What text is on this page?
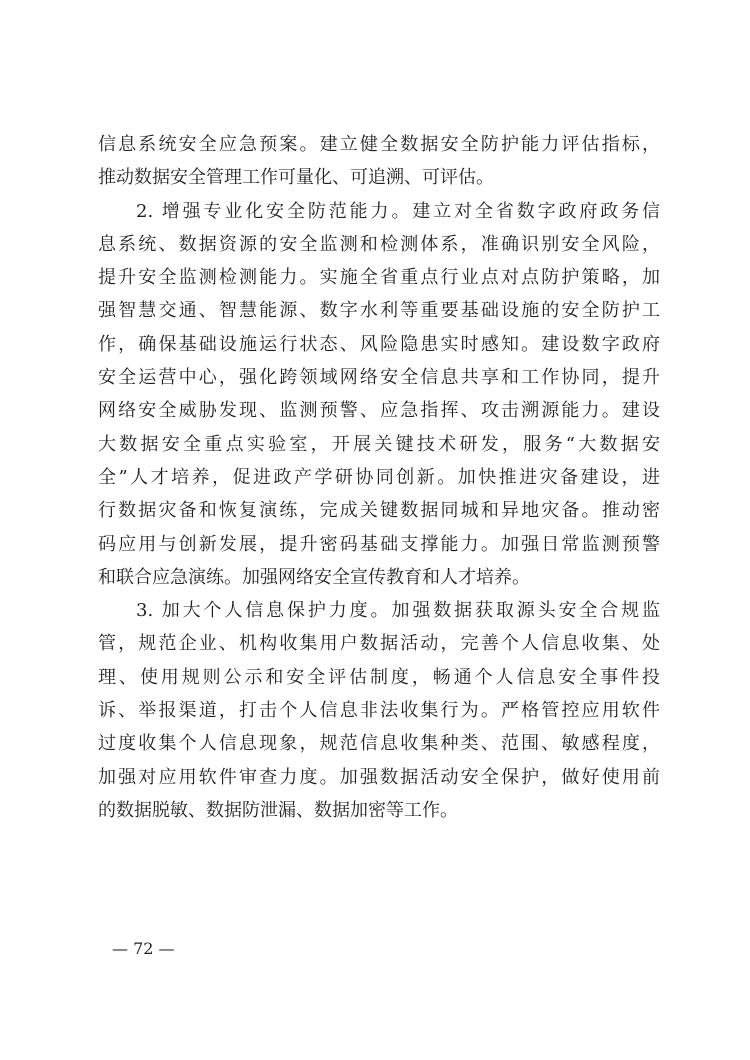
信息系统安全应急预案。建立健全数据安全防护能力评估指标，
推动数据安全管理工作可量化、可追溯、可评估。
2. 增强专业化安全防范能力。建立对全省数字政府政务信
息系统、数据资源的安全监测和检测体系，准确识别安全风险，
提升安全监测检测能力。实施全省重点行业点对点防护策略，加
强智慧交通、智慧能源、数字水利等重要基础设施的安全防护工
作，确保基础设施运行状态、风险隐患实时感知。建设数字政府
安全运营中心，强化跨领域网络安全信息共享和工作协同，提升
网络安全威胁发现、监测预警、应急指挥、攻击溯源能力。建设
大数据安全重点实验室，开展关键技术研发，服务“大数据安
全”人才培养，促进政产学研协同创新。加快推进灾备建设，进
行数据灾备和恢复演练，完成关键数据同城和异地灾备。推动密
码应用与创新发展，提升密码基础支撑能力。加强日常监测预警
和联合应急演练。加强网络安全宣传教育和人才培养。
3. 加大个人信息保护力度。加强数据获取源头安全合规监
管，规范企业、机构收集用户数据活动，完善个人信息收集、处
理、使用规则公示和安全评估制度，畅通个人信息安全事件投
诉、举报渠道，打击个人信息非法收集行为。严格管控应用软件
过度收集个人信息现象，规范信息收集种类、范围、敏感程度，
加强对应用软件审查力度。加强数据活动安全保护，做好使用前
的数据脱敏、数据防泄漏、数据加密等工作。
— 72 —
